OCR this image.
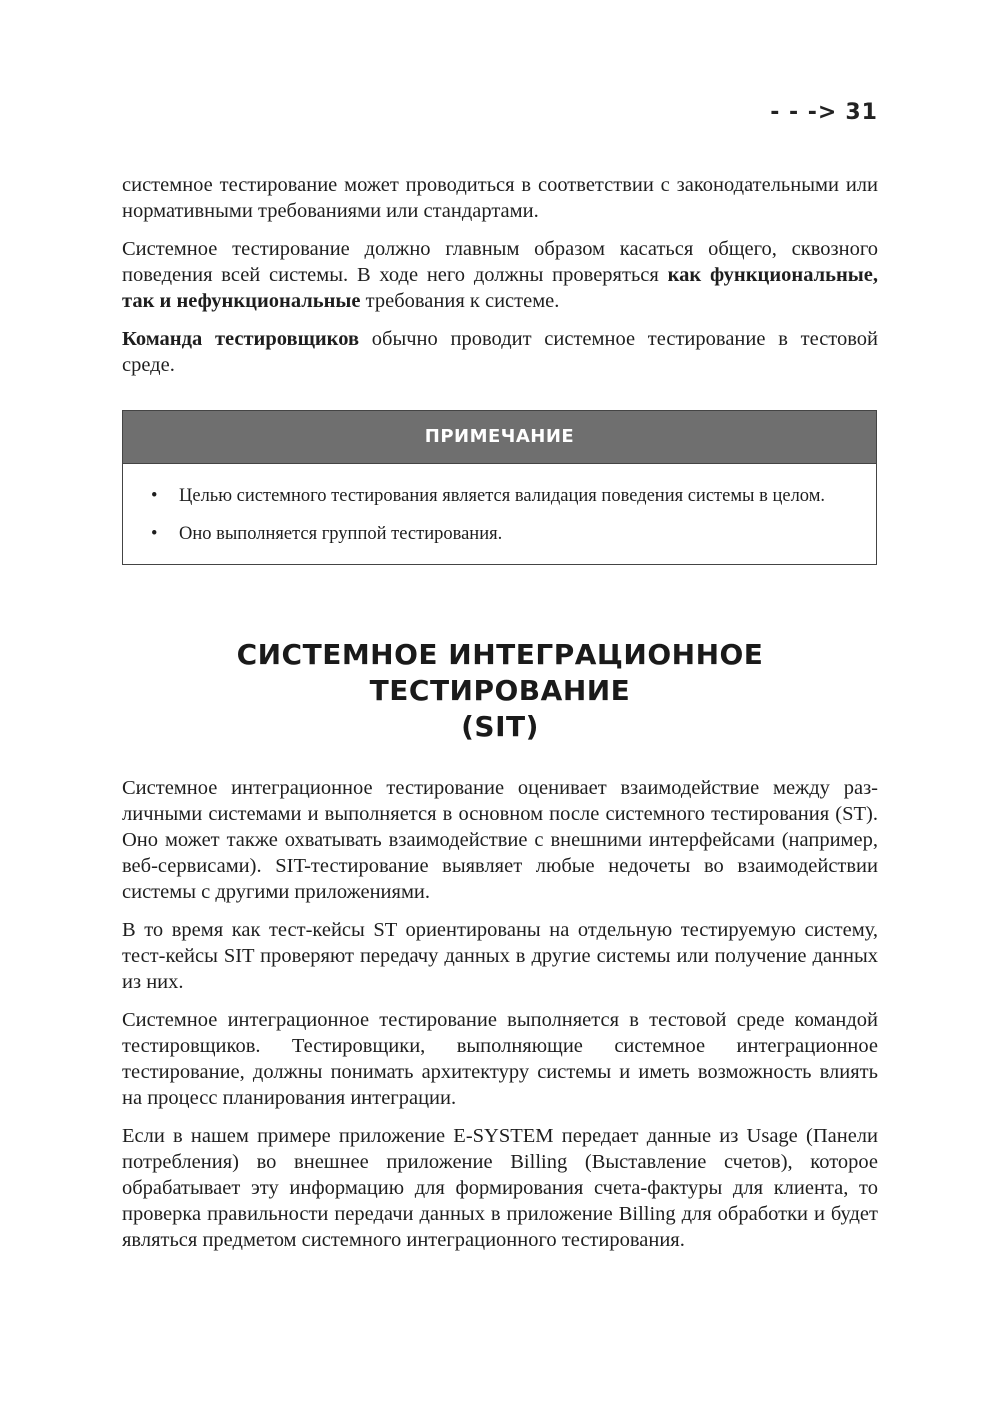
- - -> 31

системное тестирование может проводиться в соответствии с законодательными или нормативными требованиями или стандартами.

Системное тестирование должно главным образом касаться общего, сквозного поведения всей системы. В ходе него должны проверяться как функциональные, так и нефункциональные требования к системе.

Команда тестировщиков обычно проводит системное тестирование в тестовой среде.

ПРИМЕЧАНИЕ
• Целью системного тестирования является валидация поведения системы в целом.
• Оно выполняется группой тестирования.
СИСТЕМНОЕ ИНТЕГРАЦИОННОЕ ТЕСТИРОВАНИЕ
(SIT)

Системное интеграционное тестирование оценивает взаимодействие между различными системами и выполняется в основном после системного тестирования (ST). Оно может также охватывать взаимодействие с внешними интерфейсами (например, веб-сервисами). SIT-тестирование выявляет любые недочеты во взаимодействии системы с другими приложениями.

В то время как тест-кейсы ST ориентированы на отдельную тестируемую систему, тест-кейсы SIT проверяют передачу данных в другие системы или получение данных из них.

Системное интеграционное тестирование выполняется в тестовой среде командой тестировщиков. Тестировщики, выполняющие системное интеграционное тестирование, должны понимать архитектуру системы и иметь возможность влиять на процесс планирования интеграции.

Если в нашем примере приложение E-SYSTEM передает данные из Usage (Панели потребления) во внешнее приложение Billing (Выставление счетов), которое обрабатывает эту информацию для формирования счета-фактуры для клиента, то проверка правильности передачи данных в приложение Billing для обработки и будет являться предметом системного интеграционного тестирования.
